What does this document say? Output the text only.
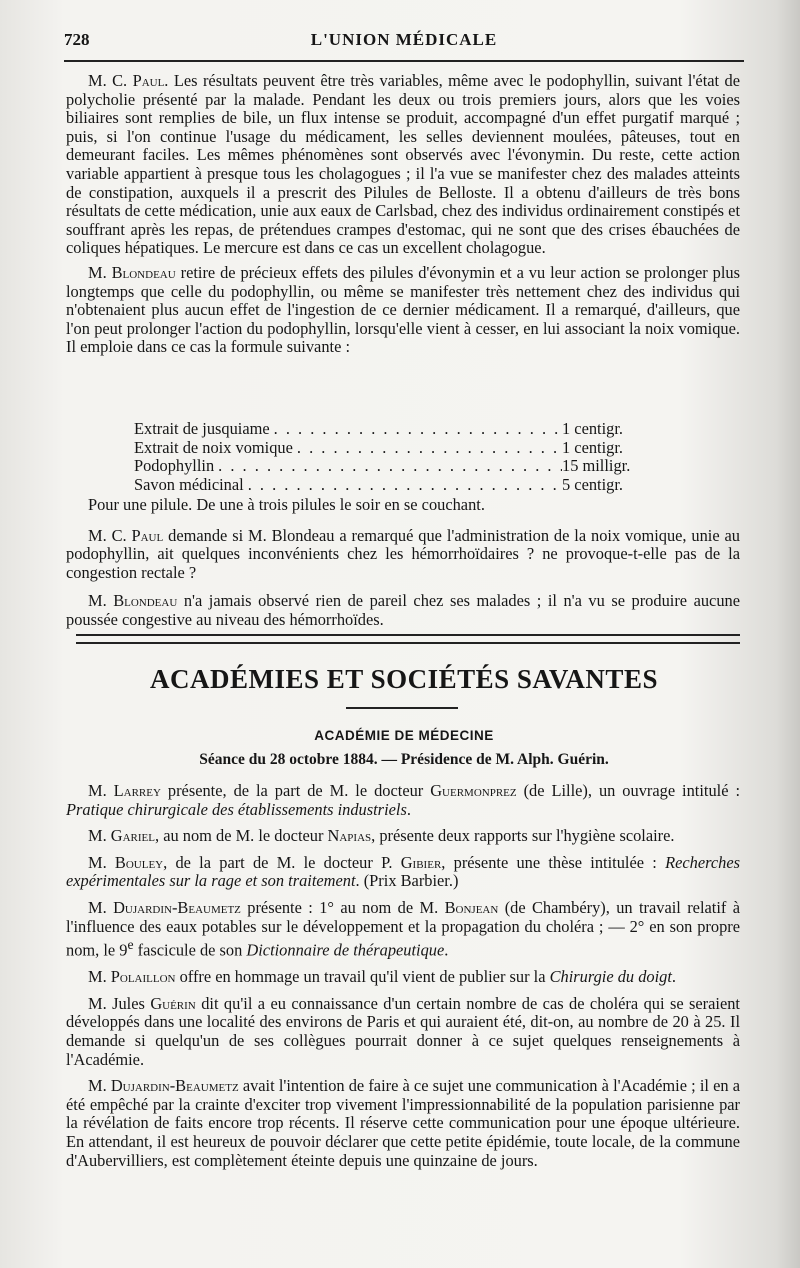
728	L'UNION MÉDICALE

M. C. Paul. Les résultats peuvent être très variables, même avec le podophyllin, suivant l'état de polycholie présenté par la malade. Pendant les deux ou trois premiers jours, alors que les voies biliaires sont remplies de bile, un flux intense se produit, accompagné d'un effet purgatif marqué ; puis, si l'on continue l'usage du médicament, les selles deviennent moulées, pâteuses, tout en demeurant faciles. Les mêmes phénomènes sont observés avec l'évonymin. Du reste, cette action variable appartient à presque tous les cholagogues ; il l'a vue se manifester chez des malades atteints de constipation, auxquels il a prescrit des Pilules de Belloste. Il a obtenu d'ailleurs de très bons résultats de cette médication, unie aux eaux de Carlsbad, chez des individus ordinairement constipés et souffrant après les repas, de prétendues crampes d'estomac, qui ne sont que des crises ébauchées de coliques hépatiques. Le mercure est dans ce cas un excellent cholagogue.

M. Blondeau retire de précieux effets des pilules d'évonymin et a vu leur action se prolonger plus longtemps que celle du podophyllin, ou même se manifester très nettement chez des individus qui n'obtenaient plus aucun effet de l'ingestion de ce dernier médicament. Il a remarqué, d'ailleurs, que l'on peut prolonger l'action du podophyllin, lorsqu'elle vient à cesser, en lui associant la noix vomique. Il emploie dans ce cas la formule suivante :

Extrait de jusquiame . . .	1 centigr.
Extrait de noix vomique . . .	1 centigr.
Podophyllin . . .	15 milligr.
Savon médicinal . . .	5 centigr.

Pour une pilule. De une à trois pilules le soir en se couchant.

M. C. Paul demande si M. Blondeau a remarqué que l'administration de la noix vomique, unie au podophyllin, ait quelques inconvénients chez les hémorrhoïdaires ? ne provoque-t-elle pas de la congestion rectale ?

M. Blondeau n'a jamais observé rien de pareil chez ses malades ; il n'a vu se produire aucune poussée congestive au niveau des hémorrhoïdes.

ACADÉMIES ET SOCIÉTÉS SAVANTES
ACADÉMIE DE MÉDECINE
Séance du 28 octobre 1884. — Présidence de M. Alph. Guérin.

M. Larrey présente, de la part de M. le docteur Guermonprez (de Lille), un ouvrage intitulé : Pratique chirurgicale des établissements industriels.

M. Gariel, au nom de M. le docteur Napias, présente deux rapports sur l'hygiène scolaire.

M. Bouley, de la part de M. le docteur P. Gibier, présente une thèse intitulée : Recherches expérimentales sur la rage et son traitement. (Prix Barbier.)

M. Dujardin-Beaumetz présente : 1° au nom de M. Bonjean (de Chambéry), un travail relatif à l'influence des eaux potables sur le développement et la propagation du choléra ; — 2° en son propre nom, le 9e fascicule de son Dictionnaire de thérapeutique.

M. Polaillon offre en hommage un travail qu'il vient de publier sur la Chirurgie du doigt.

M. Jules Guérin dit qu'il a eu connaissance d'un certain nombre de cas de choléra qui se seraient développés dans une localité des environs de Paris et qui auraient été, dit-on, au nombre de 20 à 25. Il demande si quelqu'un de ses collègues pourrait donner à ce sujet quelques renseignements à l'Académie.

M. Dujardin-Beaumetz avait l'intention de faire à ce sujet une communication à l'Académie ; il en a été empêché par la crainte d'exciter trop vivement l'impressionnabilité de la population parisienne par la révélation de faits encore trop récents. Il réserve cette communication pour une époque ultérieure. En attendant, il est heureux de pouvoir déclarer que cette petite épidémie, toute locale, de la commune d'Aubervilliers, est complètement éteinte depuis une quinzaine de jours.
